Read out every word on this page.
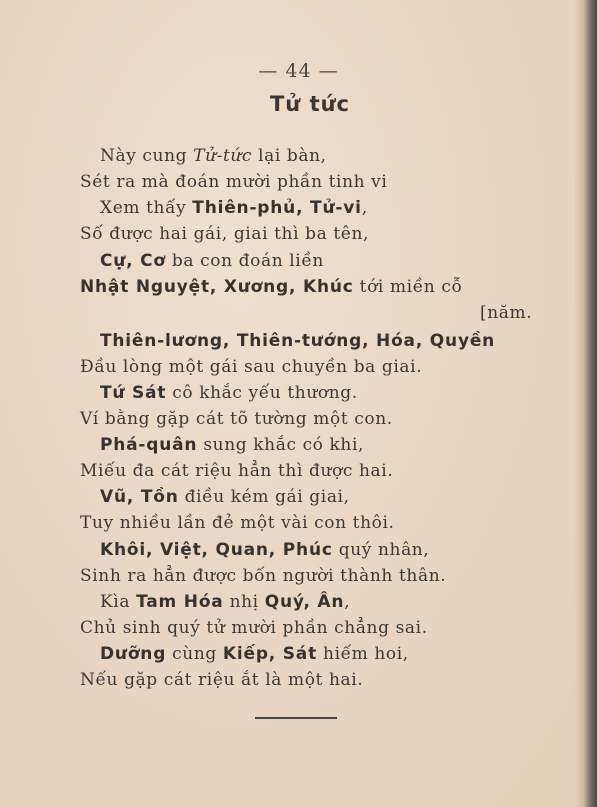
— 44 —
Tử tức
Này cung Tử-tức lại bàn,
Sét ra mà đoán mười phần tinh vi
Xem thấy Thiên-phủ, Tử-vi,
Số được hai gái, giai thì ba tên,
Cự, Cơ ba con đoán liền
Nhật Nguyệt, Xương, Khúc tới miền cỗ
[năm.
Thiên-lương, Thiên-tướng, Hóa, Quyền
Đầu lòng một gái sau chuyền ba giai.
Tứ Sát cô khắc yếu thương.
Ví bằng gặp cát tõ tường một con.
Phá-quân sung khắc có khi,
Miếu đa cát riệu hẳn thì được hai.
Vũ, Tồn điều kém gái giai,
Tuy nhiều lần đẻ một vài con thôi.
Khôi, Việt, Quan, Phúc quý nhân,
Sinh ra hẳn được bốn người thành thân.
Kìa Tam Hóa nhị Quý, Ân,
Chủ sinh quý tử mười phần chẳng sai.
Dưỡng cùng Kiếp, Sát hiếm hoi,
Nếu gặp cát riệu ắt là một hai.
